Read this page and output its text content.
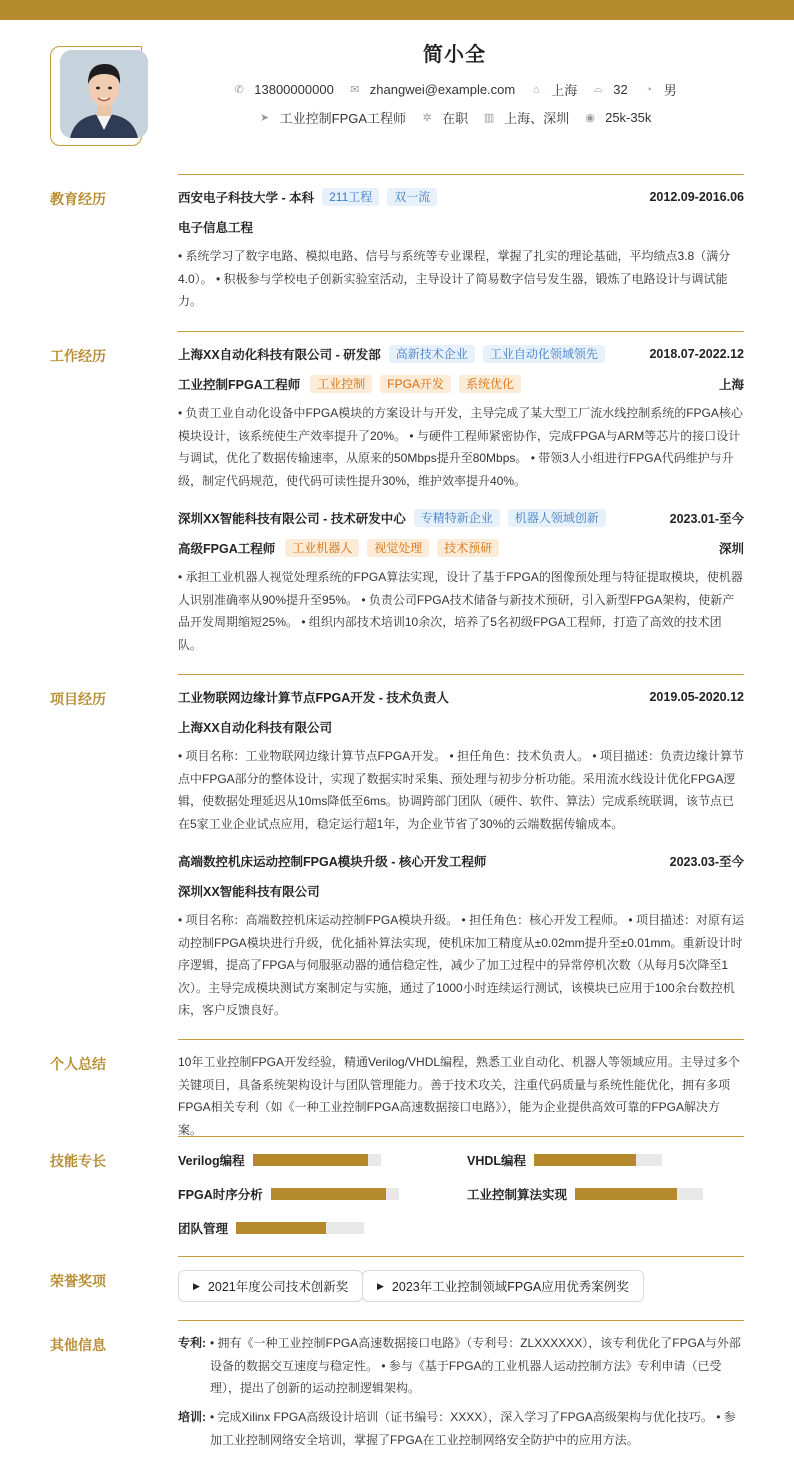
简小全
✆ 13800000000 ✉ zhangwei@example.com	⌂ 上海 ⌓ 32	◔ 男
➤ 工业控制FPGA工程师 ✲ 在职 ▥ 上海、深圳 ◉ 25k-35k
教育经历	西安电子科技大学 - 本科	211工程	双一流	2012.09-2016.06
电子信息工程
• 系统学习了数字电路、模拟电路、信号与系统等专业课程，掌握了扎实的理论基础，平均绩点3.8（满分4.0）。 • 积极参与学校电子创新实验室活动，主导设计了简易数字信号发生器，锻炼了电路设计与调试能力。
工作经历	上海XX自动化科技有限公司 - 研发部	高新技术企业	工业自动化领域领先	2018.07-2022.12
工业控制FPGA工程师	工业控制	FPGA开发	系统优化	上海
• 负责工业自动化设备中FPGA模块的方案设计与开发，主导完成了某大型工厂流水线控制系统的FPGA核心模块设计，该系统使生产效率提升了20%。 • 与硬件工程师紧密协作，完成FPGA与ARM等芯片的接口设计与调试，优化了数据传输速率，从原来的50Mbps提升至80Mbps。 • 带领3人小组进行FPGA代码维护与升级，制定代码规范，使代码可读性提升30%，维护效率提升40%。
深圳XX智能科技有限公司 - 技术研发中心	专精特新企业	机器人领域创新	2023.01-至今
高级FPGA工程师	工业机器人	视觉处理	技术预研	深圳
• 承担工业机器人视觉处理系统的FPGA算法实现，设计了基于FPGA的图像预处理与特征提取模块，使机器人识别准确率从90%提升至95%。 • 负责公司FPGA技术储备与新技术预研，引入新型FPGA架构，使新产品开发周期缩短25%。 • 组织内部技术培训10余次，培养了5名初级FPGA工程师，打造了高效的技术团队。
项目经历	工业物联网边缘计算节点FPGA开发 - 技术负责人	2019.05-2020.12
上海XX自动化科技有限公司
• 项目名称：工业物联网边缘计算节点FPGA开发。 • 担任角色：技术负责人。 • 项目描述：负责边缘计算节点中FPGA部分的整体设计，实现了数据实时采集、预处理与初步分析功能。采用流水线设计优化FPGA逻辑，使数据处理延迟从10ms降低至6ms。协调跨部门团队（硬件、软件、算法）完成系统联调，该节点已在5家工业企业试点应用，稳定运行超1年，为企业节省了30%的云端数据传输成本。
高端数控机床运动控制FPGA模块升级 - 核心开发工程师	2023.03-至今
深圳XX智能科技有限公司
• 项目名称：高端数控机床运动控制FPGA模块升级。 • 担任角色：核心开发工程师。 • 项目描述：对原有运动控制FPGA模块进行升级，优化插补算法实现，使机床加工精度从±0.02mm提升至±0.01mm。重新设计时序逻辑，提高了FPGA与伺服驱动器的通信稳定性，减少了加工过程中的异常停机次数（从每月5次降至1次）。主导完成模块测试方案制定与实施，通过了1000小时连续运行测试，该模块已应用于100余台数控机床，客户反馈良好。
个人总结	10年工业控制FPGA开发经验，精通Verilog/VHDL编程，熟悉工业自动化、机器人等领域应用。主导过多个关键项目，具备系统架构设计与团队管理能力。善于技术攻关，注重代码质量与系统性能优化，拥有多项FPGA相关专利（如《一种工业控制FPGA高速数据接口电路》），能为企业提供高效可靠的FPGA解决方案。
技能专长	Verilog编程	VHDL编程
FPGA时序分析	工业控制算法实现
团队管理
荣誉奖项	▶ 2021年度公司技术创新奖	▶ 2023年工业控制领域FPGA应用优秀案例奖
其他信息	专利: • 拥有《一种工业控制FPGA高速数据接口电路》（专利号：ZLXXXXXX），该专利优化了FPGA与外部设备的数据交互速度与稳定性。 • 参与《基于FPGA的工业机器人运动控制方法》专利申请（已受理），提出了创新的运动控制逻辑架构。
培训: • 完成Xilinx FPGA高级设计培训（证书编号：XXXX），深入学习了FPGA高级架构与优化技巧。 • 参加工业控制网络安全培训，掌握了FPGA在工业控制网络安全防护中的应用方法。
